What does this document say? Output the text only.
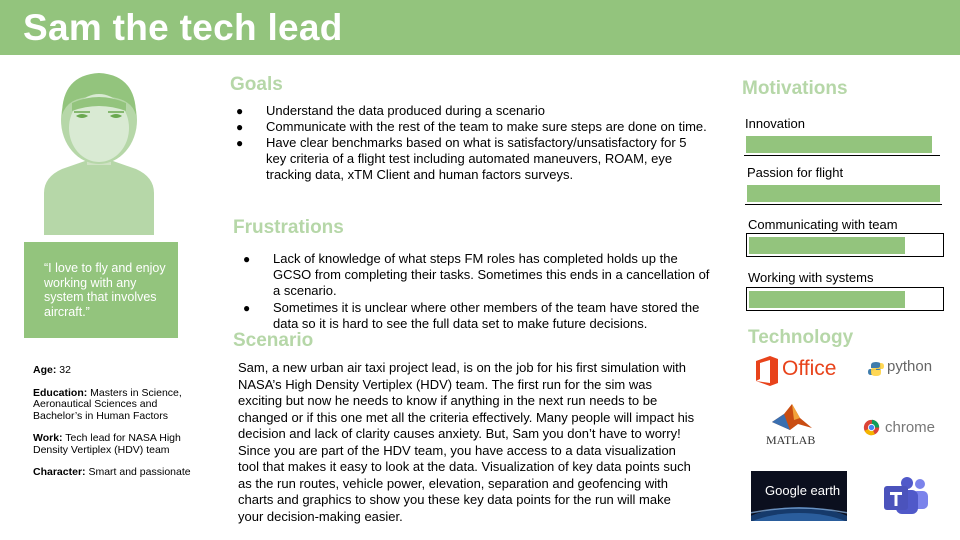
Sam the tech lead
“I love to fly and enjoy working with any system that involves aircraft.”
Age: 32
Education: Masters in Science, Aeronautical Sciences and Bachelor’s in Human Factors
Work: Tech lead for NASA High Density Vertiplex (HDV) team
Character: Smart and passionate
Goals
● Understand the data produced during a scenario
● Communicate with the rest of the team to make sure steps are done on time.
● Have clear benchmarks based on what is satisfactory/unsatisfactory for 5 key criteria of a flight test including automated maneuvers, ROAM, eye tracking data, xTM Client and human factors surveys.
Frustrations
● Lack of knowledge of what steps FM roles has completed holds up the GCSO from completing their tasks. Sometimes this ends in a cancellation of a scenario.
● Sometimes it is unclear where other members of the team have stored the data so it is hard to see the full data set to make future decisions.
Scenario
Sam, a new urban air taxi project lead, is on the job for his first simulation with NASA’s High Density Vertiplex (HDV) team. The first run for the sim was exciting but now he needs to know if anything in the next run needs to be changed or if this one met all the criteria effectively. Many people will impact his decision and lack of clarity causes anxiety. But, Sam you don’t have to worry! Since you are part of the HDV team, you have access to a data visualization tool that makes it easy to look at the data. Visualization of key data points such as the run routes, vehicle power, elevation, separation and geofencing with charts and graphics to show you these key data points for the run will make your decision-making easier.
Motivations
Innovation
Passion for flight
Communicating with team
Working with systems
Technology
Office	python
MATLAB
chrome
Google earth
